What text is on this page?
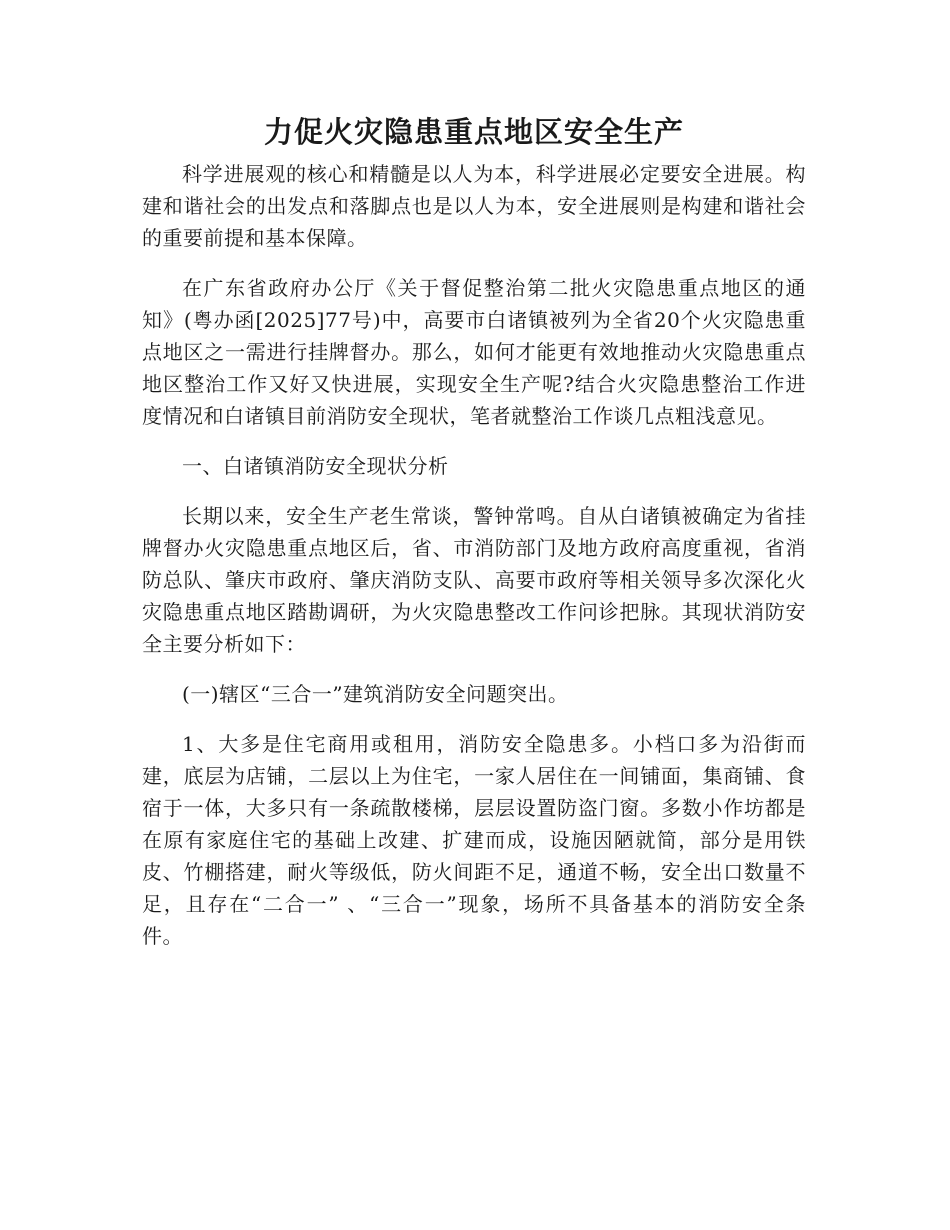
力促火灾隐患重点地区安全生产

科学进展观的核心和精髓是以人为本，科学进展必定要安全进展。构建和谐社会的出发点和落脚点也是以人为本，安全进展则是构建和谐社会的重要前提和基本保障。

在广东省政府办公厅《关于督促整治第二批火灾隐患重点地区的通知》(粤办函[2025]77号)中，高要市白诸镇被列为全省20个火灾隐患重点地区之一需进行挂牌督办。那么，如何才能更有效地推动火灾隐患重点地区整治工作又好又快进展，实现安全生产呢?结合火灾隐患整治工作进度情况和白诸镇目前消防安全现状，笔者就整治工作谈几点粗浅意见。

一、白诸镇消防安全现状分析

长期以来，安全生产老生常谈，警钟常鸣。自从白诸镇被确定为省挂牌督办火灾隐患重点地区后，省、市消防部门及地方政府高度重视，省消防总队、肇庆市政府、肇庆消防支队、高要市政府等相关领导多次深化火灾隐患重点地区踏勘调研，为火灾隐患整改工作问诊把脉。其现状消防安全主要分析如下：

(一)辖区“三合一”建筑消防安全问题突出。

1、大多是住宅商用或租用，消防安全隐患多。小档口多为沿街而建，底层为店铺，二层以上为住宅，一家人居住在一间铺面，集商铺、食宿于一体，大多只有一条疏散楼梯，层层设置防盗门窗。多数小作坊都是在原有家庭住宅的基础上改建、扩建而成，设施因陋就简，部分是用铁皮、竹棚搭建，耐火等级低，防火间距不足，通道不畅，安全出口数量不足，且存在“二合一” 、“三合一”现象，场所不具备基本的消防安全条件。
